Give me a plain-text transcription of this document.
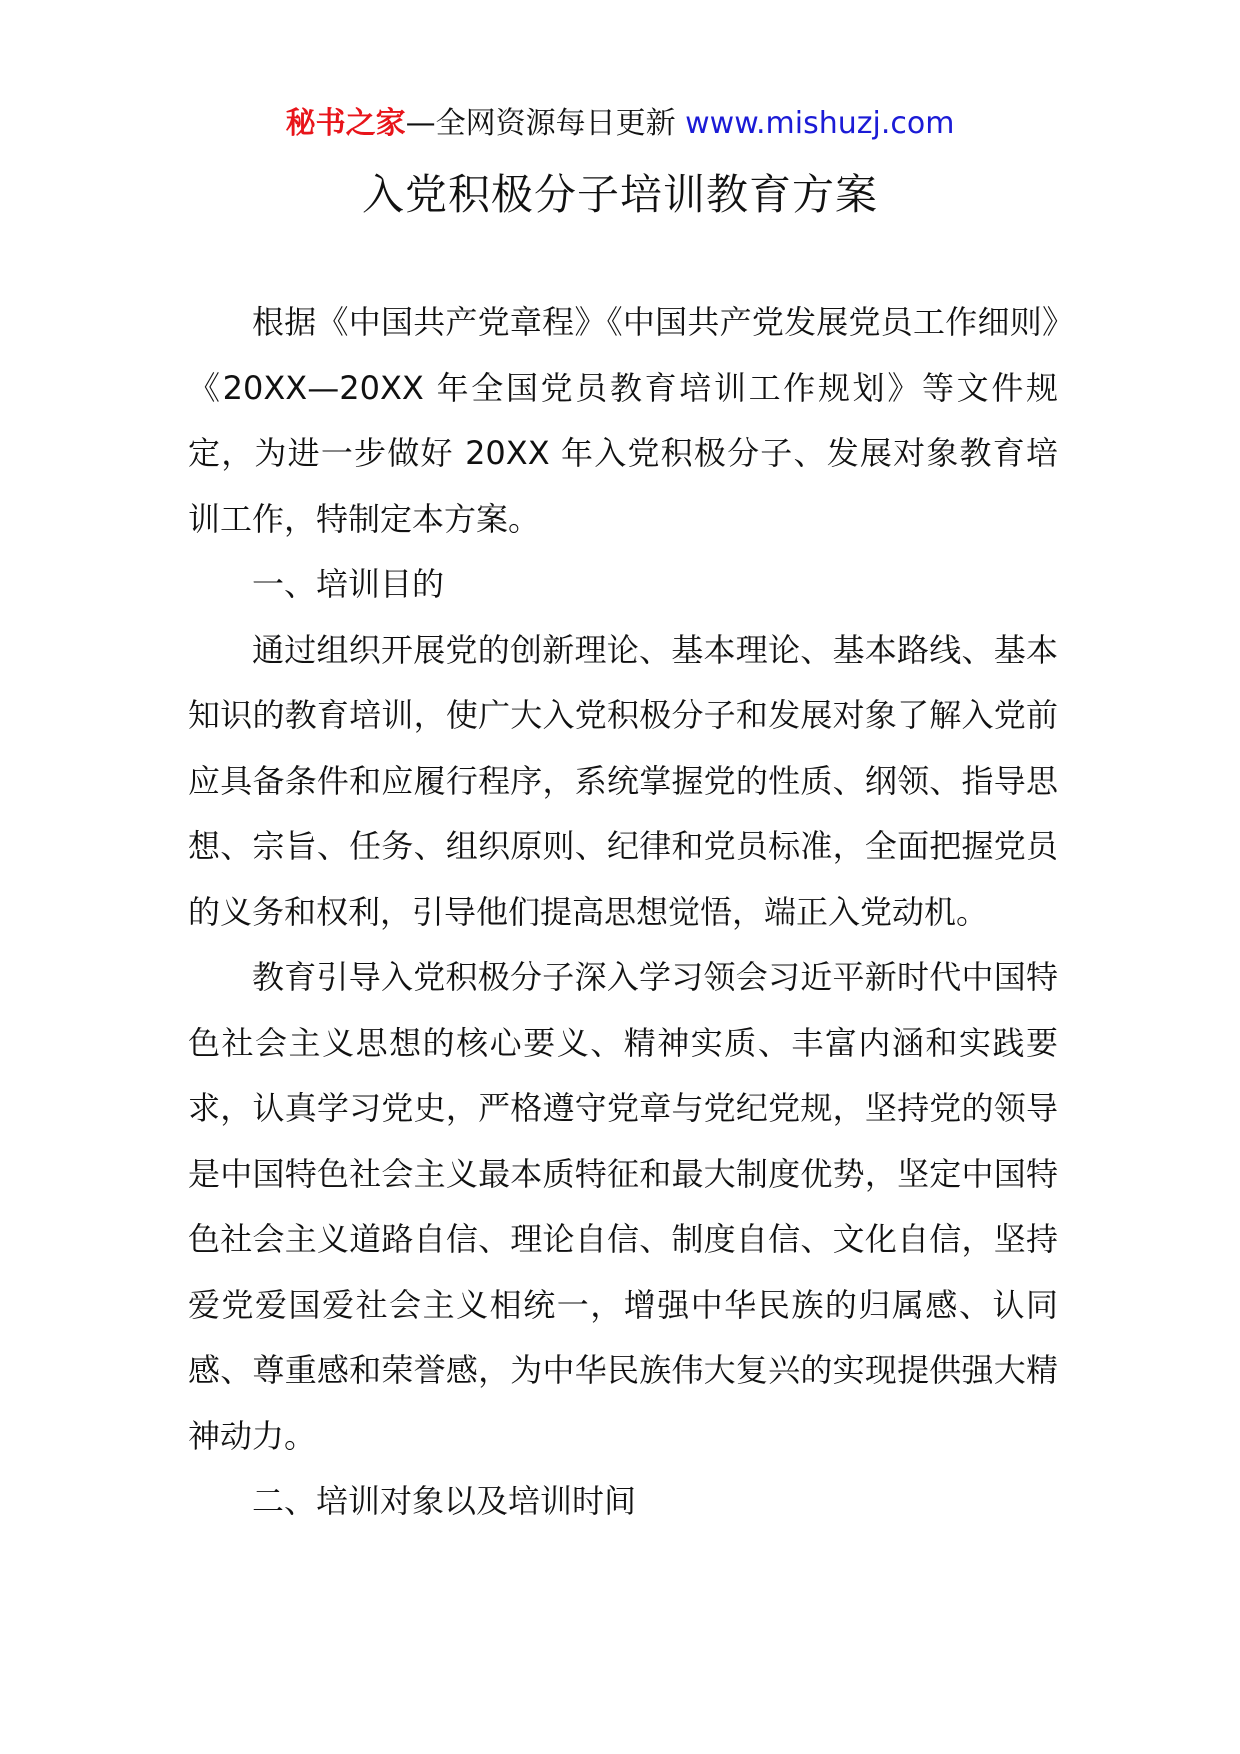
秘书之家—全网资源每日更新 www.mishuzj.com
入党积极分子培训教育方案

根据《中国共产党章程》《中国共产党发展党员工作细则》《20XX—20XX 年全国党员教育培训工作规划》等文件规定，为进一步做好 20XX 年入党积极分子、发展对象教育培训工作，特制定本方案。

一、培训目的

通过组织开展党的创新理论、基本理论、基本路线、基本知识的教育培训，使广大入党积极分子和发展对象了解入党前应具备条件和应履行程序，系统掌握党的性质、纲领、指导思想、宗旨、任务、组织原则、纪律和党员标准，全面把握党员的义务和权利，引导他们提高思想觉悟，端正入党动机。

教育引导入党积极分子深入学习领会习近平新时代中国特色社会主义思想的核心要义、精神实质、丰富内涵和实践要求，认真学习党史，严格遵守党章与党纪党规，坚持党的领导是中国特色社会主义最本质特征和最大制度优势，坚定中国特色社会主义道路自信、理论自信、制度自信、文化自信，坚持爱党爱国爱社会主义相统一，增强中华民族的归属感、认同感、尊重感和荣誉感，为中华民族伟大复兴的实现提供强大精神动力。

二、培训对象以及培训时间
